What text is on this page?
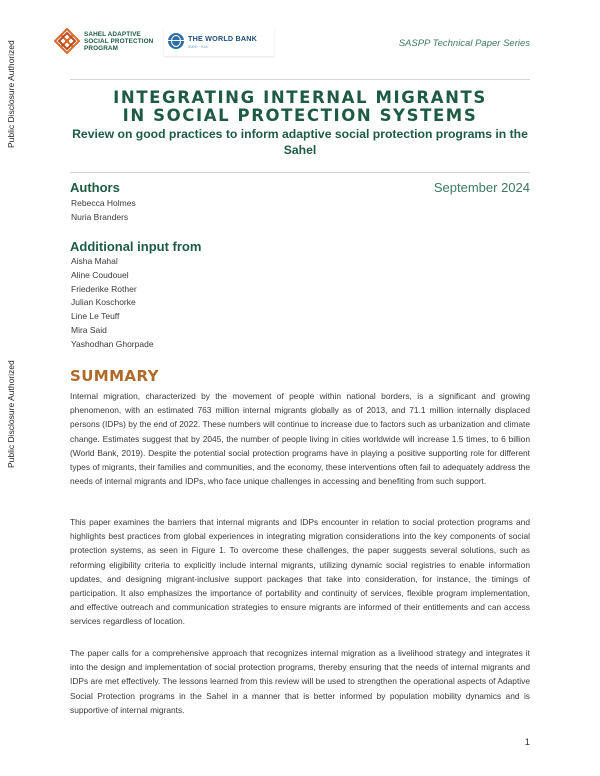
Public Disclosure Authorized
Public Disclosure Authorized
SAHEL ADAPTIVE
SOCIAL PROTECTION
PROGRAM
THE WORLD BANK
IBRD · IDA	SASPP Technical Paper Series
INTEGRATING INTERNAL MIGRANTS
IN SOCIAL PROTECTION SYSTEMS
Review on good practices to inform adaptive social protection programs in the Sahel
Authors	September 2024
Rebecca Holmes
Nuria Branders
Additional input from
Aisha Mahal
Aline Coudouel
Friederike Rother
Julian Koschorke
Line Le Teuff
Mira Said
Yashodhan Ghorpade
SUMMARY

Internal migration, characterized by the movement of people within national borders, is a significant and growing phenomenon, with an estimated 763 million internal migrants globally as of 2013, and 71.1 million internally displaced persons (IDPs) by the end of 2022. These numbers will continue to increase due to factors such as urbanization and climate change. Estimates suggest that by 2045, the number of people living in cities worldwide will increase 1.5 times, to 6 billion (World Bank, 2019). Despite the potential social protection programs have in playing a positive supporting role for different types of migrants, their families and communities, and the economy, these interventions often fail to adequately address the needs of internal migrants and IDPs, who face unique challenges in accessing and benefiting from such support.

This paper examines the barriers that internal migrants and IDPs encounter in relation to social protection programs and highlights best practices from global experiences in integrating migration considerations into the key components of social protection systems, as seen in Figure 1. To overcome these challenges, the paper suggests several solutions, such as reforming eligibility criteria to explicitly include internal migrants, utilizing dynamic social registries to enable information updates, and designing migrant-inclusive support packages that take into consideration, for instance, the timings of participation. It also emphasizes the importance of portability and continuity of services, flexible program implementation, and effective outreach and communication strategies to ensure migrants are informed of their entitlements and can access services regardless of location.

The paper calls for a comprehensive approach that recognizes internal migration as a livelihood strategy and integrates it into the design and implementation of social protection programs, thereby ensuring that the needs of internal migrants and IDPs are met effectively. The lessons learned from this review will be used to strengthen the operational aspects of Adaptive Social Protection programs in the Sahel in a manner that is better informed by population mobility dynamics and is supportive of internal migrants.

1
